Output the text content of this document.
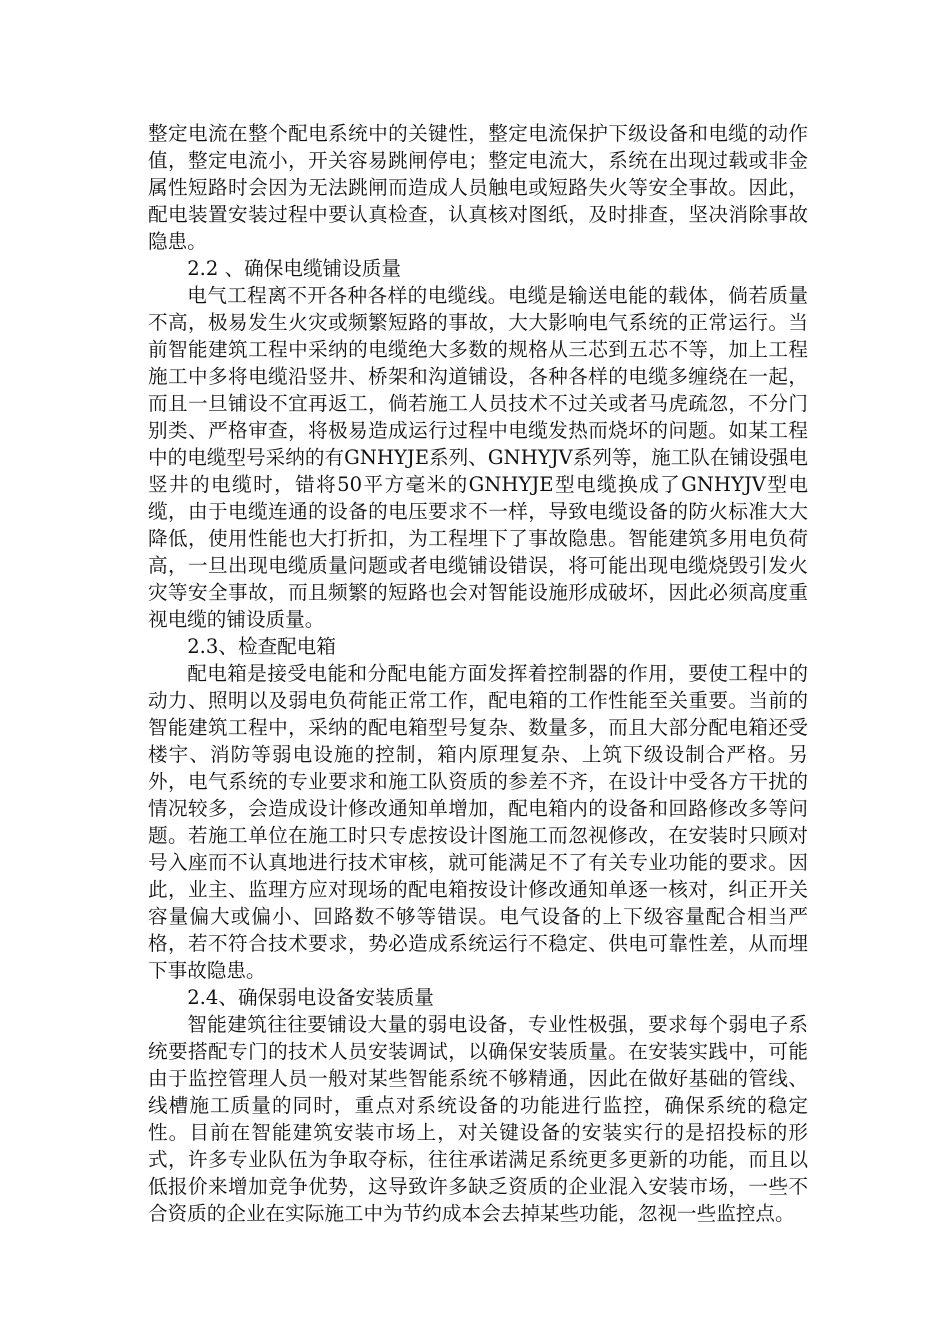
整定电流在整个配电系统中的关键性，整定电流保护下级设备和电缆的动作值，整定电流小，开关容易跳闸停电；整定电流大，系统在出现过载或非金属性短路时会因为无法跳闸而造成人员触电或短路失火等安全事故。因此，配电装置安装过程中要认真检查，认真核对图纸，及时排查，坚决消除事故隐患。

2.2 、确保电缆铺设质量

电气工程离不开各种各样的电缆线。电缆是输送电能的载体，倘若质量不高，极易发生火灾或频繁短路的事故，大大影响电气系统的正常运行。当前智能建筑工程中采纳的电缆绝大多数的规格从三芯到五芯不等，加上工程施工中多将电缆沿竖井、桥架和沟道铺设，各种各样的电缆多缠绕在一起，而且一旦铺设不宜再返工，倘若施工人员技术不过关或者马虎疏忽，不分门别类、严格审查，将极易造成运行过程中电缆发热而烧坏的问题。如某工程中的电缆型号采纳的有GNHYJE系列、GNHYJV系列等，施工队在铺设强电竖井的电缆时，错将50平方毫米的GNHYJE型电缆换成了GNHYJV型电缆，由于电缆连通的设备的电压要求不一样，导致电缆设备的防火标准大大降低，使用性能也大打折扣，为工程埋下了事故隐患。智能建筑多用电负荷高，一旦出现电缆质量问题或者电缆铺设错误，将可能出现电缆烧毁引发火灾等安全事故，而且频繁的短路也会对智能设施形成破坏，因此必须高度重视电缆的铺设质量。

2.3、检查配电箱

配电箱是接受电能和分配电能方面发挥着控制器的作用，要使工程中的动力、照明以及弱电负荷能正常工作，配电箱的工作性能至关重要。当前的智能建筑工程中，采纳的配电箱型号复杂、数量多，而且大部分配电箱还受楼宇、消防等弱电设施的控制，箱内原理复杂、上筑下级设制合严格。另外，电气系统的专业要求和施工队资质的参差不齐，在设计中受各方干扰的情况较多，会造成设计修改通知单增加，配电箱内的设备和回路修改多等问题。若施工单位在施工时只专虑按设计图施工而忽视修改，在安装时只顾对号入座而不认真地进行技术审核，就可能满足不了有关专业功能的要求。因此，业主、监理方应对现场的配电箱按设计修改通知单逐一核对，纠正开关容量偏大或偏小、回路数不够等错误。电气设备的上下级容量配合相当严格，若不符合技术要求，势必造成系统运行不稳定、供电可靠性差，从而埋下事故隐患。

2.4、确保弱电设备安装质量

智能建筑往往要铺设大量的弱电设备，专业性极强，要求每个弱电子系统要搭配专门的技术人员安装调试，以确保安装质量。在安装实践中，可能由于监控管理人员一般对某些智能系统不够精通，因此在做好基础的管线、线槽施工质量的同时，重点对系统设备的功能进行监控，确保系统的稳定性。目前在智能建筑安装市场上，对关键设备的安装实行的是招投标的形式，许多专业队伍为争取夺标，往往承诺满足系统更多更新的功能，而且以低报价来增加竞争优势，这导致许多缺乏资质的企业混入安装市场，一些不合资质的企业在实际施工中为节约成本会去掉某些功能，忽视一些监控点。
